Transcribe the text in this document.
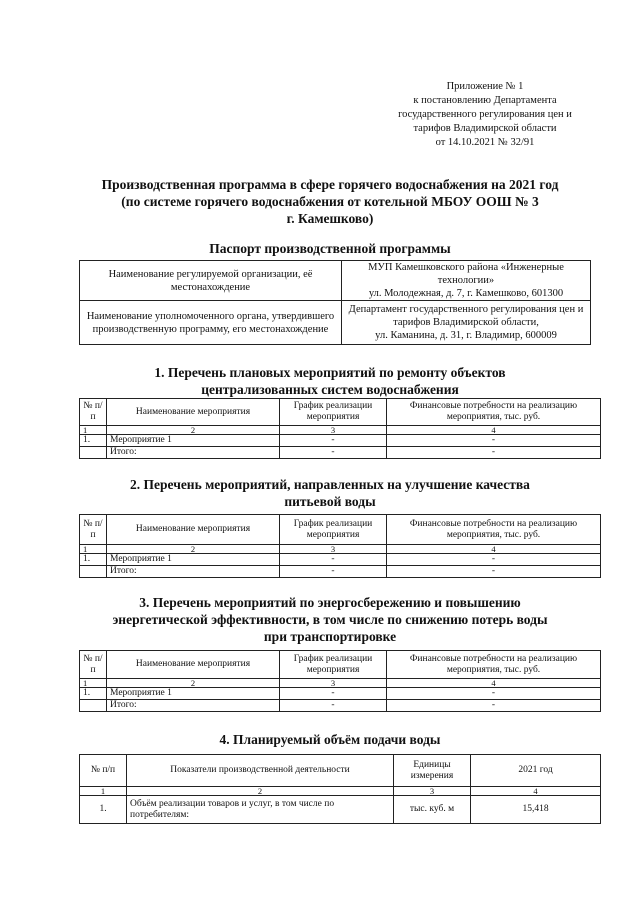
Приложение № 1
к постановлению Департамента
государственного регулирования цен и
тарифов Владимирской области
от 14.10.2021 № 32/91
Производственная программа в сфере горячего водоснабжения на 2021 год
(по системе горячего водоснабжения от котельной МБОУ ООШ № 3
г. Камешково)
Паспорт производственной программы
Наименование регулируемой организации, её местонахождение	МУП Камешковского района «Инженерные технологии»
ул. Молодежная, д. 7, г. Камешково, 601300

Наименование уполномоченного органа, утвердившего производственную программу, его местонахождение	Департамент государственного регулирования цен и тарифов Владимирской области,
ул. Каманина, д. 31, г. Владимир, 600009
1. Перечень плановых мероприятий по ремонту объектов
централизованных систем водоснабжения
№ п/п	Наименование мероприятия	График реализации мероприятия	Финансовые потребности на реализацию мероприятия, тыс. руб.
1	2	3	4
1.	Мероприятие 1	-	-
	Итого:	-	-
2. Перечень мероприятий, направленных на улучшение качества
питьевой воды
№ п/п	Наименование мероприятия	График реализации мероприятия	Финансовые потребности на реализацию мероприятия, тыс. руб.
1	2	3	4
1.	Мероприятие 1	-	-
	Итого:	-	-
3. Перечень мероприятий по энергосбережению и повышению
энергетической эффективности, в том числе по снижению потерь воды
при транспортировке
№ п/п	Наименование мероприятия	График реализации мероприятия	Финансовые потребности на реализацию мероприятия, тыс. руб.
1	2	3	4
1.	Мероприятие 1	-	-
	Итого:	-	-
4. Планируемый объём подачи воды
№ п/п	Показатели производственной деятельности	Единицы измерения	2021 год
1	2	3	4
1.	Объём реализации товаров и услуг, в том числе по потребителям:	тыс. куб. м	15,418
